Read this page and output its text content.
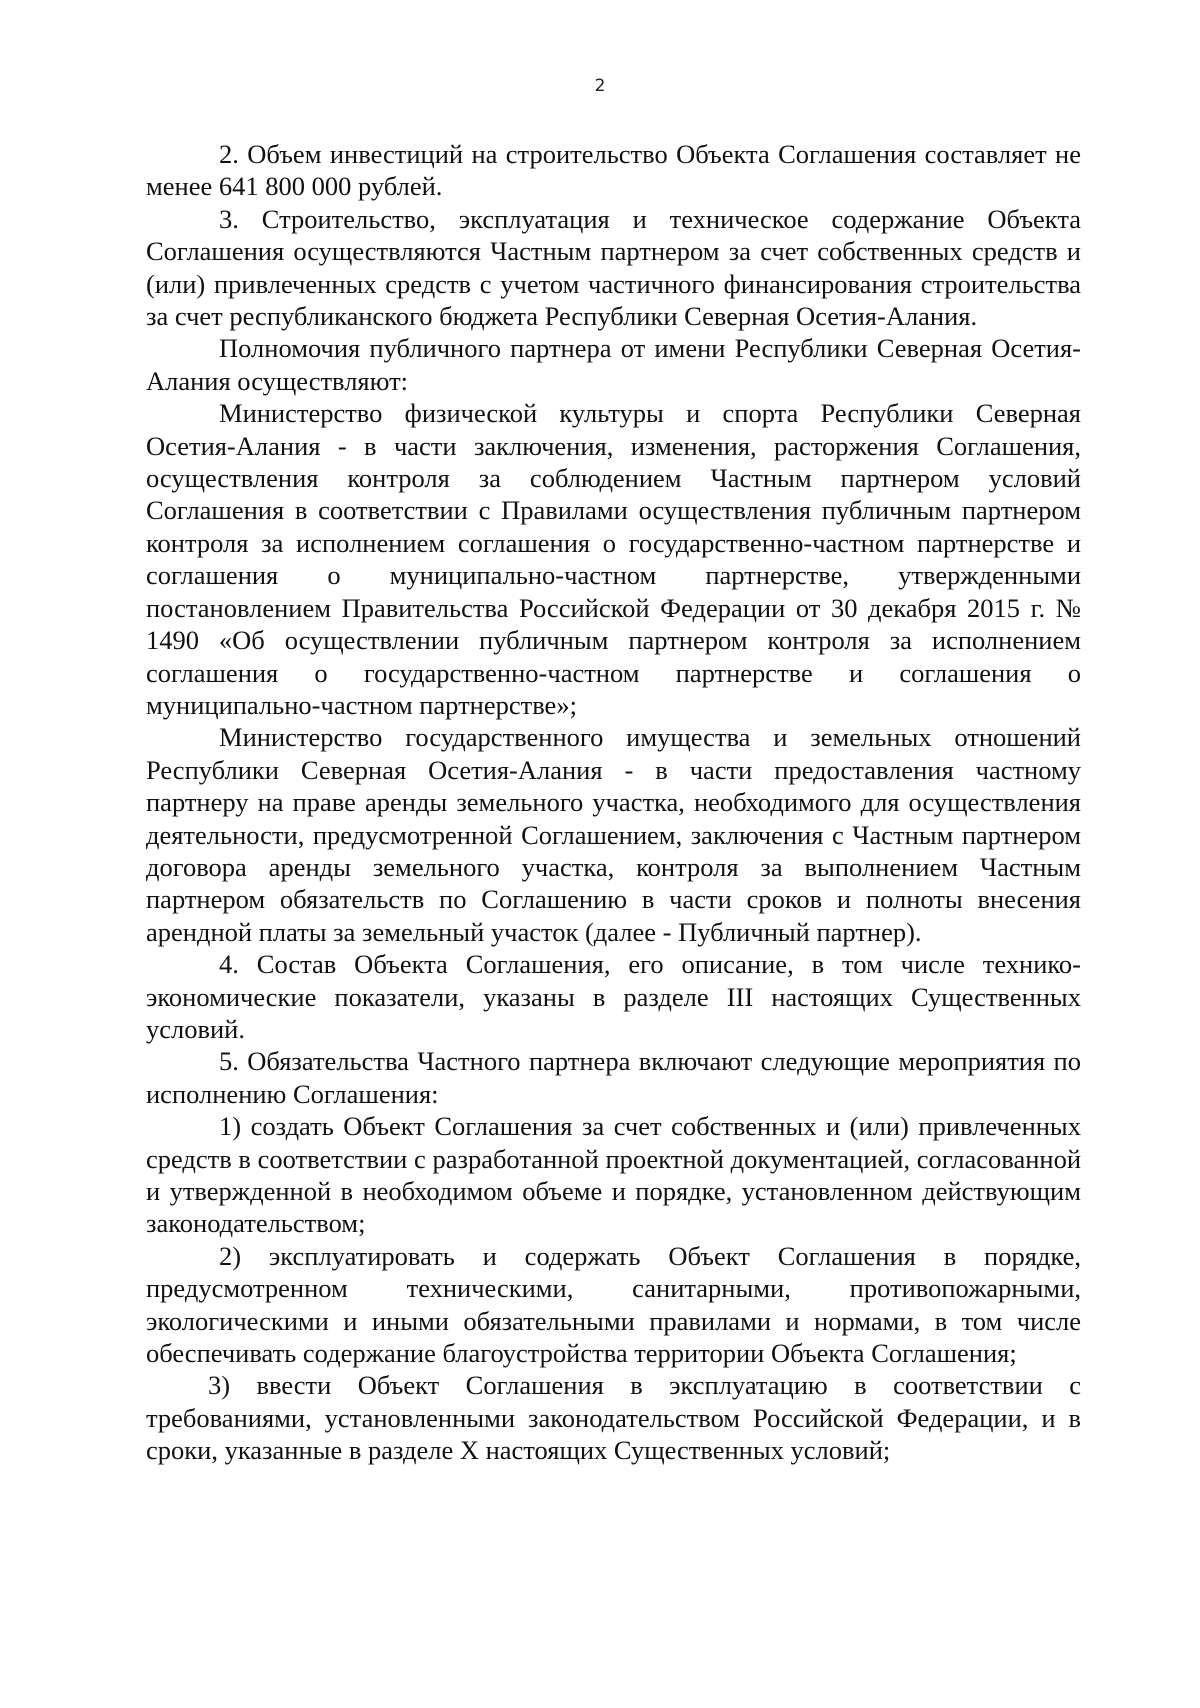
2

2. Объем инвестиций на строительство Объекта Соглашения составляет не менее 641 800 000 рублей.

3. Строительство, эксплуатация и техническое содержание Объекта Соглашения осуществляются Частным партнером за счет собственных средств и (или) привлеченных средств с учетом частичного финансирования строительства за счет республиканского бюджета Республики Северная Осетия-Алания.

Полномочия публичного партнера от имени Республики Северная Осетия-Алания осуществляют:

Министерство физической культуры и спорта Республики Северная Осетия-Алания - в части заключения, изменения, расторжения Соглашения, осуществления контроля за соблюдением Частным партнером условий Соглашения в соответствии с Правилами осуществления публичным партнером контроля за исполнением соглашения о государственно-частном партнерстве и соглашения о муниципально-частном партнерстве, утвержденными постановлением Правительства Российской Федерации от 30 декабря 2015 г. № 1490 «Об осуществлении публичным партнером контроля за исполнением соглашения о государственно-частном партнерстве и соглашения о муниципально-частном партнерстве»;

Министерство государственного имущества и земельных отношений Республики Северная Осетия-Алания - в части предоставления частному партнеру на праве аренды земельного участка, необходимого для осуществления деятельности, предусмотренной Соглашением, заключения с Частным партнером договора аренды земельного участка, контроля за выполнением Частным партнером обязательств по Соглашению в части сроков и полноты внесения арендной платы за земельный участок (далее - Публичный партнер).

4. Состав Объекта Соглашения, его описание, в том числе технико-экономические показатели, указаны в разделе III настоящих Существенных условий.

5. Обязательства Частного партнера включают следующие мероприятия по исполнению Соглашения:

1) создать Объект Соглашения за счет собственных и (или) привлеченных средств в соответствии с разработанной проектной документацией, согласованной и утвержденной в необходимом объеме и порядке, установленном действующим законодательством;

2) эксплуатировать и содержать Объект Соглашения в порядке, предусмотренном техническими, санитарными, противопожарными, экологическими и иными обязательными правилами и нормами, в том числе обеспечивать содержание благоустройства территории Объекта Соглашения;

3) ввести Объект Соглашения в эксплуатацию в соответствии с требованиями, установленными законодательством Российской Федерации, и в сроки, указанные в разделе X настоящих Существенных условий;
